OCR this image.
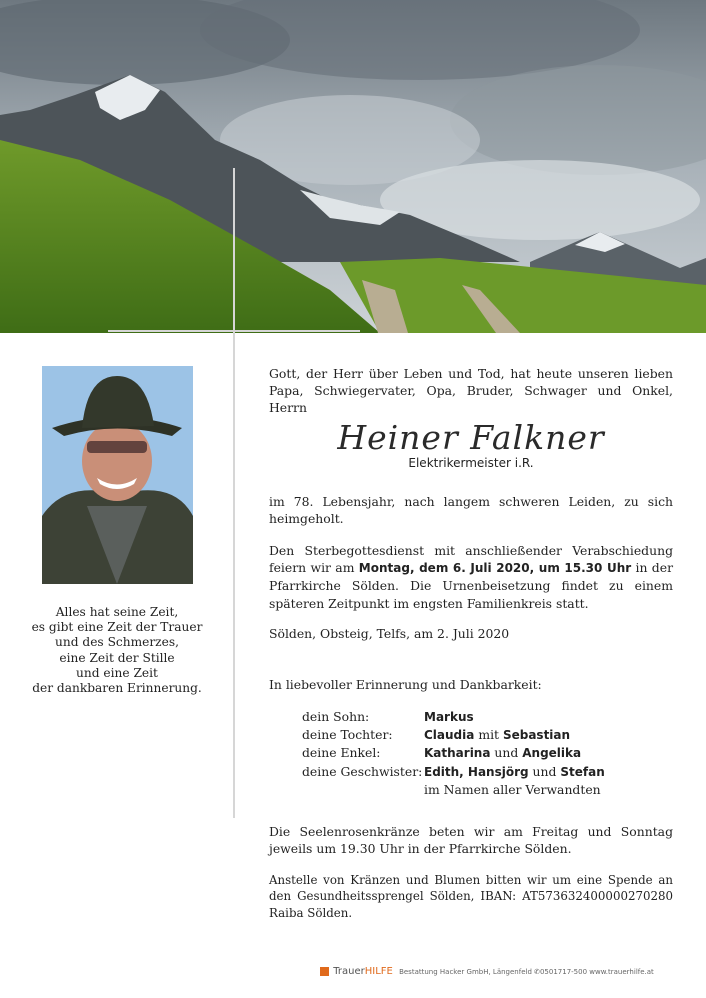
Alles hat seine Zeit,
es gibt eine Zeit der Trauer
und des Schmerzes,
eine Zeit der Stille
und eine Zeit
der dankbaren Erinnerung.

Gott, der Herr über Leben und Tod, hat heute unseren lieben Papa, Schwiegervater, Opa, Bruder, Schwager und Onkel, Herrn

Heiner Falkner
Elektrikermeister i.R.

im 78. Lebensjahr, nach langem schweren Leiden, zu sich heimgeholt.

Den Sterbegottesdienst mit anschließender Verabschiedung feiern wir am Montag, dem 6. Juli 2020, um 15.30 Uhr in der Pfarrkirche Sölden. Die Urnenbeisetzung findet zu einem späteren Zeitpunkt im engsten Familienkreis statt.

Sölden, Obsteig, Telfs, am 2. Juli 2020

In liebevoller Erinnerung und Dankbarkeit:

dein Sohn:	Markus
deine Tochter:	Claudia mit Sebastian
deine Enkel:	Katharina und Angelika
deine Geschwister: Edith, Hansjörg und Stefan
im Namen aller Verwandten

Die Seelenrosenkränze beten wir am Freitag und Sonntag jeweils um 19.30 Uhr in der Pfarrkirche Sölden.

Anstelle von Kränzen und Blumen bitten wir um eine Spende an den Gesundheitssprengel Sölden, IBAN: AT573632400000270280 Raiba Sölden.

TrauerHILFE Bestattung Hacker GmbH, Längenfeld ✆0501717-500 www.trauerhilfe.at
